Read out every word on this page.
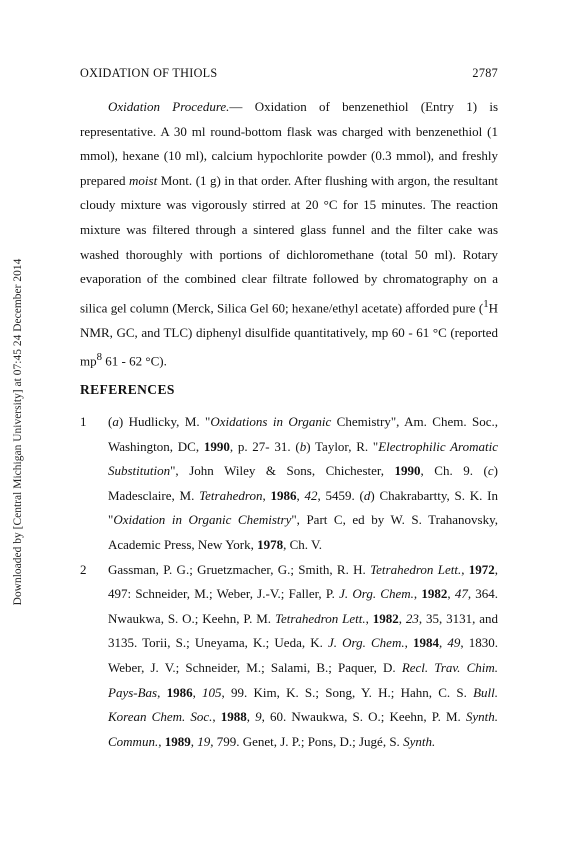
Downloaded by [Central Michigan University] at 07:45 24 December 2014
OXIDATION OF THIOLS	2787
Oxidation Procedure.— Oxidation of benzenethiol (Entry 1) is representative. A 30 ml round-bottom flask was charged with benzenethiol (1 mmol), hexane (10 ml), calcium hypochlorite powder (0.3 mmol), and freshly prepared moist Mont. (1 g) in that order. After flushing with argon, the resultant cloudy mixture was vigorously stirred at 20 °C for 15 minutes. The reaction mixture was filtered through a sintered glass funnel and the filter cake was washed thoroughly with portions of dichloromethane (total 50 ml). Rotary evaporation of the combined clear filtrate followed by chromatography on a silica gel column (Merck, Silica Gel 60; hexane/ethyl acetate) afforded pure ($^1$H NMR, GC, and TLC) diphenyl disulfide quantitatively, mp 60 - 61 °C (reported $mp^8$ 61 - 62 °C).
REFERENCES
1	(a) Hudlicky, M. "Oxidations in Organic Chemistry", Am. Chem. Soc., Washington, DC, 1990, p. 27- 31. (b) Taylor, R. "Electrophilic Aromatic Substitution", John Wiley & Sons, Chichester, 1990, Ch. 9. (c) Madesclaire, M. Tetrahedron, 1986, 42, 5459. (d) Chakrabartty, S. K. In "Oxidation in Organic Chemistry", Part C, ed by W. S. Trahanovsky, Academic Press, New York, 1978, Ch. V.
2	Gassman, P. G.; Gruetzmacher, G.; Smith, R. H. Tetrahedron Lett., 1972, 497: Schneider, M.; Weber, J.-V.; Faller, P. J. Org. Chem., 1982, 47, 364. Nwaukwa, S. O.; Keehn, P. M. Tetrahedron Lett., 1982, 23, 35, 3131, and 3135. Torii, S.; Uneyama, K.; Ueda, K. J. Org. Chem., 1984, 49, 1830. Weber, J. V.; Schneider, M.; Salami, B.; Paquer, D. Recl. Trav. Chim. Pays-Bas, 1986, 105, 99. Kim, K. S.; Song, Y. H.; Hahn, C. S. Bull. Korean Chem. Soc., 1988, 9, 60. Nwaukwa, S. O.; Keehn, P. M. Synth. Commun., 1989, 19, 799. Genet, J. P.; Pons, D.; Jugé, S. Synth.
